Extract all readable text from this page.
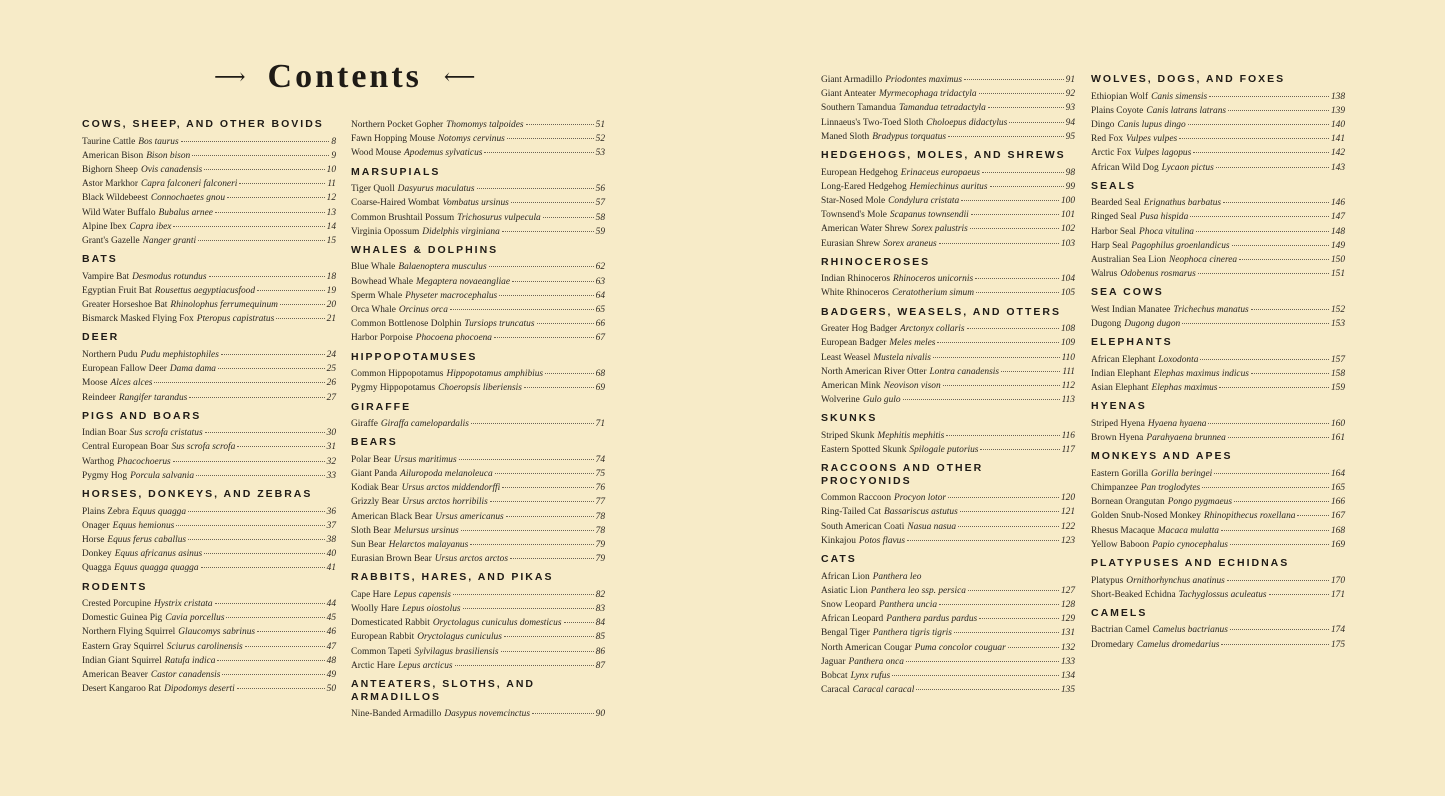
⟶ Contents ⟵
COWS, SHEEP, AND OTHER BOVIDS
Taurine Cattle Bos taurus	8
American Bison Bison bison	9
Bighorn Sheep Ovis canadensis	10
Astor Markhor Capra falconeri falconeri	11
Black Wildebeest Connochaetes gnou	12
Wild Water Buffalo Bubalus arnee	13
Alpine Ibex Capra ibex	14
Grant's Gazelle Nanger granti	15
BATS
Vampire Bat Desmodus rotundus	18
Egyptian Fruit Bat Rousettus aegyptiacusfood	19
Greater Horseshoe Bat Rhinolophus ferrumequinum	20
Bismarck Masked Flying Fox Pteropus capistratus	21
DEER
Northern Pudu Pudu mephistophiles	24
European Fallow Deer Dama dama	25
Moose Alces alces	26
Reindeer Rangifer tarandus	27
PIGS AND BOARS
Indian Boar Sus scrofa cristatus	30
Central European Boar Sus scrofa scrofa	31
Warthog Phacochoerus	32
Pygmy Hog Porcula salvania	33
HORSES, DONKEYS, AND ZEBRAS
Plains Zebra Equus quagga	36
Onager Equus hemionus	37
Horse Equus ferus caballus	38
Donkey Equus africanus asinus	40
Quagga Equus quagga quagga	41
RODENTS
Crested Porcupine Hystrix cristata	44
Domestic Guinea Pig Cavia porcellus	45
Northern Flying Squirrel Glaucomys sabrinus	46
Eastern Gray Squirrel Sciurus carolinensis	47
Indian Giant Squirrel Ratufa indica	48
American Beaver Castor canadensis	49
Desert Kangaroo Rat Dipodomys deserti	50
Northern Pocket Gopher Thomomys talpoides	51
Fawn Hopping Mouse Notomys cervinus	52
Wood Mouse Apodemus sylvaticus	53
MARSUPIALS
Tiger Quoll Dasyurus maculatus	56
Coarse-Haired Wombat Vombatus ursinus	57
Common Brushtail Possum Trichosurus vulpecula	58
Virginia Opossum Didelphis virginiana	59
WHALES & DOLPHINS
Blue Whale Balaenoptera musculus	62
Bowhead Whale Megaptera novaeangliae	63
Sperm Whale Physeter macrocephalus	64
Orca Whale Orcinus orca	65
Common Bottlenose Dolphin Tursiops truncatus	66
Harbor Porpoise Phocoena phocoena	67
HIPPOPOTAMUSES
Common Hippopotamus Hippopotamus amphibius	68
Pygmy Hippopotamus Choeropsis liberiensis	69
GIRAFFE
Giraffe Giraffa camelopardalis	71
BEARS
Polar Bear Ursus maritimus	74
Giant Panda Ailuropoda melanoleuca	75
Kodiak Bear Ursus arctos middendorffi	76
Grizzly Bear Ursus arctos horribilis	77
American Black Bear Ursus americanus	78
Sloth Bear Melursus ursinus	78
Sun Bear Helarctos malayanus	79
Eurasian Brown Bear Ursus arctos arctos	79
RABBITS, HARES, AND PIKAS
Cape Hare Lepus capensis	82
Woolly Hare Lepus oiostolus	83
Domesticated Rabbit Oryctolagus cuniculus domesticus	84
European Rabbit Oryctolagus cuniculus	85
Common Tapeti Sylvilagus brasiliensis	86
Arctic Hare Lepus arcticus	87
ANTEATERS, SLOTHS, AND ARMADILLOS
Nine-Banded Armadillo Dasypus novemcinctus	90
Giant Armadillo Priodontes maximus	91
Giant Anteater Myrmecophaga tridactyla	92
Southern Tamandua Tamandua tetradactyla	93
Linnaeus's Two-Toed Sloth Choloepus didactylus	94
Maned Sloth Bradypus torquatus	95
HEDGEHOGS, MOLES, AND SHREWS
European Hedgehog Erinaceus europaeus	98
Long-Eared Hedgehog Hemiechinus auritus	99
Star-Nosed Mole Condylura cristata	100
Townsend's Mole Scapanus townsendii	101
American Water Shrew Sorex palustris	102
Eurasian Shrew Sorex araneus	103
RHINOCEROSES
Indian Rhinoceros Rhinoceros unicornis	104
White Rhinoceros Ceratotherium simum	105
BADGERS, WEASELS, AND OTTERS
Greater Hog Badger Arctonyx collaris	108
European Badger Meles meles	109
Least Weasel Mustela nivalis	110
North American River Otter Lontra canadensis	111
American Mink Neovison vison	112
Wolverine Gulo gulo	113
SKUNKS
Striped Skunk Mephitis mephitis	116
Eastern Spotted Skunk Spilogale putorius	117
RACCOONS AND OTHER PROCYONIDS
Common Raccoon Procyon lotor	120
Ring-Tailed Cat Bassariscus astutus	121
South American Coati Nasua nasua	122
Kinkajou Potos flavus	123
CATS
African Lion Panthera leo
Asiatic Lion Panthera leo ssp. persica	127
Snow Leopard Panthera uncia	128
African Leopard Panthera pardus pardus	129
Bengal Tiger Panthera tigris tigris	131
North American Cougar Puma concolor couguar	132
Jaguar Panthera onca	133
Bobcat Lynx rufus	134
Caracal Caracal caracal	135
WOLVES, DOGS, AND FOXES
Ethiopian Wolf Canis simensis	138
Plains Coyote Canis latrans latrans	139
Dingo Canis lupus dingo	140
Red Fox Vulpes vulpes	141
Arctic Fox Vulpes lagopus	142
African Wild Dog Lycaon pictus	143
SEALS
Bearded Seal Erignathus barbatus	146
Ringed Seal Pusa hispida	147
Harbor Seal Phoca vitulina	148
Harp Seal Pagophilus groenlandicus	149
Australian Sea Lion Neophoca cinerea	150
Walrus Odobenus rosmarus	151
SEA COWS
West Indian Manatee Trichechus manatus	152
Dugong Dugong dugon	153
ELEPHANTS
African Elephant Loxodonta	157
Indian Elephant Elephas maximus indicus	158
Asian Elephant Elephas maximus	159
HYENAS
Striped Hyena Hyaena hyaena	160
Brown Hyena Parahyaena brunnea	161
MONKEYS AND APES
Eastern Gorilla Gorilla beringei	164
Chimpanzee Pan troglodytes	165
Bornean Orangutan Pongo pygmaeus	166
Golden Snub-Nosed Monkey Rhinopithecus roxellana	167
Rhesus Macaque Macaca mulatta	168
Yellow Baboon Papio cynocephalus	169
PLATYPUSES AND ECHIDNAS
Platypus Ornithorhynchus anatinus	170
Short-Beaked Echidna Tachyglossus aculeatus	171
CAMELS
Bactrian Camel Camelus bactrianus	174
Dromedary Camelus dromedarius	175
